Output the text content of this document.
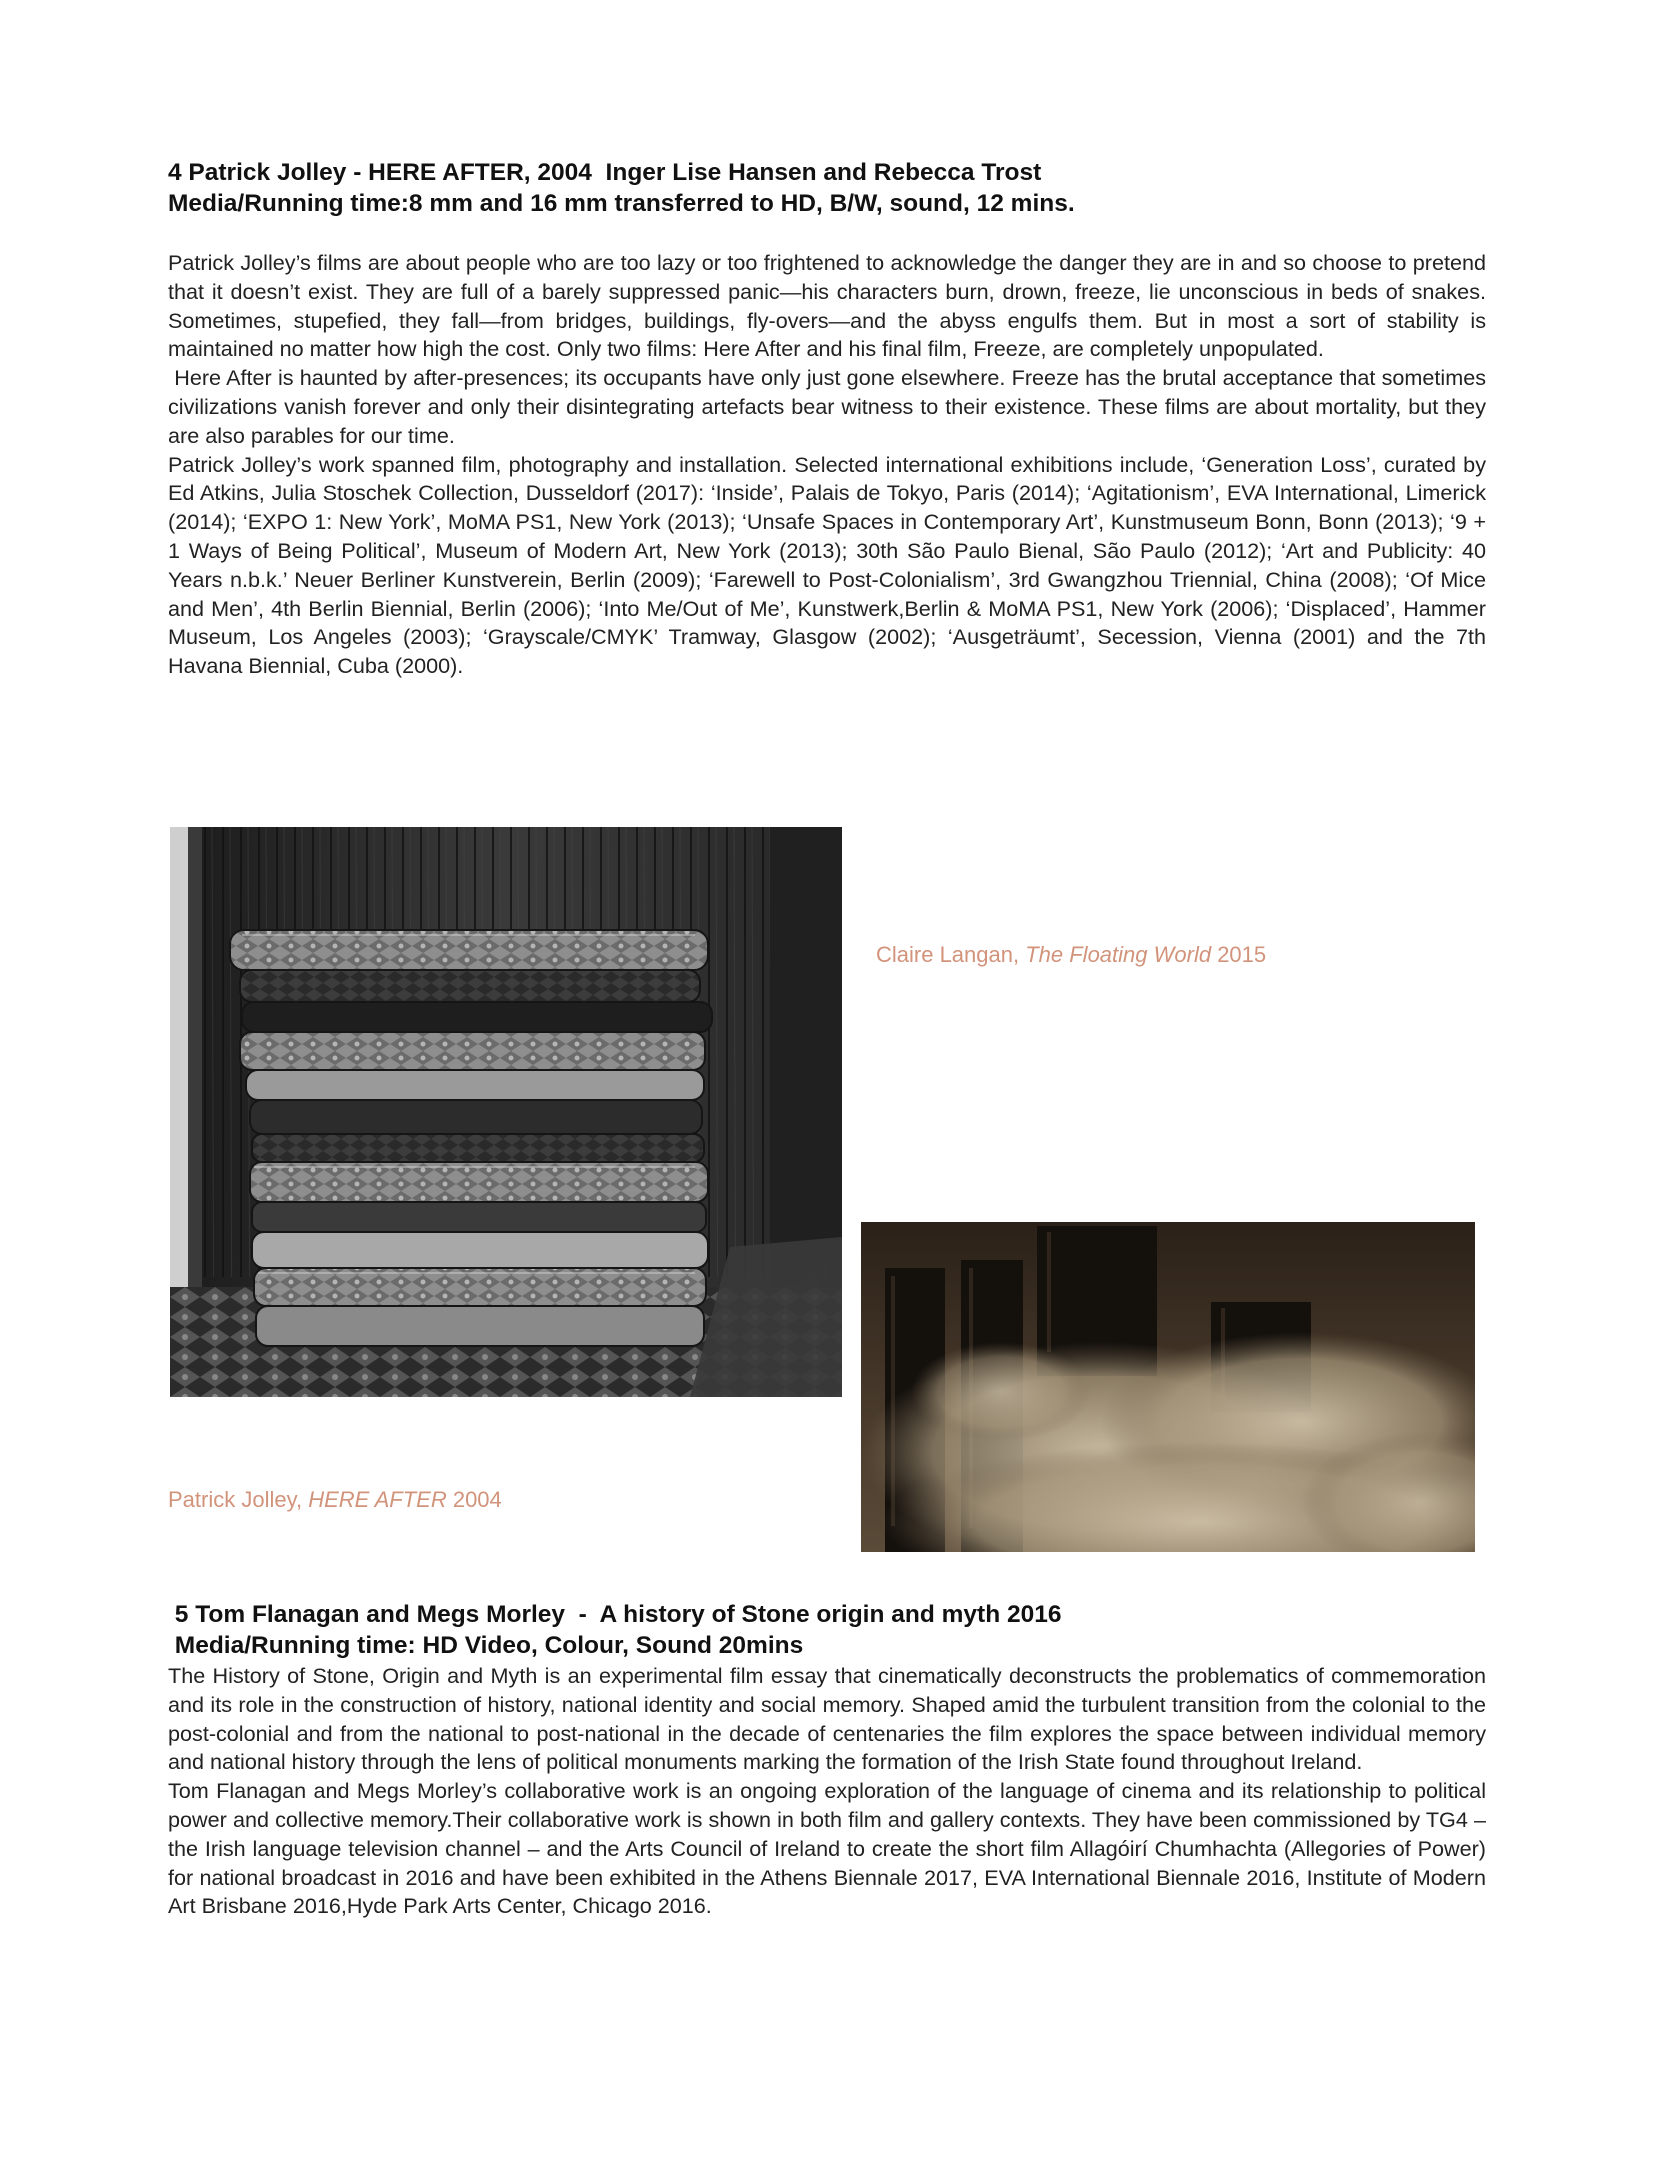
4 Patrick Jolley - HERE AFTER, 2004  Inger Lise Hansen and Rebecca Trost
Media/Running time:8 mm and 16 mm transferred to HD, B/W, sound, 12 mins.

Patrick Jolley’s films are about people who are too lazy or too frightened to acknowledge the danger they are in and so choose to pretend that it doesn’t exist. They are full of a barely suppressed panic—his characters burn, drown, freeze, lie unconscious in beds of snakes. Sometimes, stupefied, they fall—from bridges, buildings, fly-overs—and the abyss engulfs them. But in most a sort of stability is maintained no matter how high the cost. Only two films: Here After and his final film, Freeze, are completely unpopulated.

Here After is haunted by after-presences; its occupants have only just gone elsewhere. Freeze has the brutal acceptance that sometimes civilizations vanish forever and only their disintegrating artefacts bear witness to their existence. These films are about mortality, but they are also parables for our time.

Patrick Jolley’s work spanned film, photography and installation. Selected international exhibitions include, ‘Generation Loss’, curated by Ed Atkins, Julia Stoschek Collection, Dusseldorf (2017): ‘Inside’, Palais de Tokyo, Paris (2014); ‘Agitationism’, EVA International, Limerick (2014); ‘EXPO 1: New York’, MoMA PS1, New York (2013); ‘Unsafe Spaces in Contemporary Art’, Kunstmuseum Bonn, Bonn (2013); ‘9 + 1 Ways of Being Political’, Museum of Modern Art, New York (2013); 30th São Paulo Bienal, São Paulo (2012); ‘Art and Publicity: 40 Years n.b.k.’ Neuer Berliner Kunstverein, Berlin (2009); ‘Farewell to Post-Colonialism’, 3rd Gwangzhou Triennial, China (2008); ‘Of Mice and Men’, 4th Berlin Biennial, Berlin (2006); ‘Into Me/Out of Me’, Kunstwerk,Berlin & MoMA PS1, New York (2006); ‘Displaced’, Hammer Museum, Los Angeles (2003); ‘Grayscale/CMYK’ Tramway, Glasgow (2002); ‘Ausgeträumt’, Secession, Vienna (2001) and the 7th Havana Biennial, Cuba (2000).

Claire Langan, The Floating World 2015
Patrick Jolley, HERE AFTER 2004
5 Tom Flanagan and Megs Morley  -  A history of Stone origin and myth 2016
Media/Running time: HD Video, Colour, Sound 20mins

The History of Stone, Origin and Myth is an experimental film essay that cinematically deconstructs the problematics of commemoration and its role in the construction of history, national identity and social memory. Shaped amid the turbulent transition from the colonial to the post-colonial and from the national to post-national in the decade of centenaries the film explores the space between individual memory and national history through the lens of political monuments marking the formation of the Irish State found throughout Ireland.

Tom Flanagan and Megs Morley’s collaborative work is an ongoing exploration of the language of cinema and its relationship to political power and collective memory.Their collaborative work is shown in both film and gallery contexts. They have been commissioned by TG4 – the Irish language television channel – and the Arts Council of Ireland to create the short film Allagóirí Chumhachta (Allegories of Power) for national broadcast in 2016 and have been exhibited in the Athens Biennale 2017, EVA International Biennale 2016, Institute of Modern Art Brisbane 2016,Hyde Park Arts Center, Chicago 2016.
